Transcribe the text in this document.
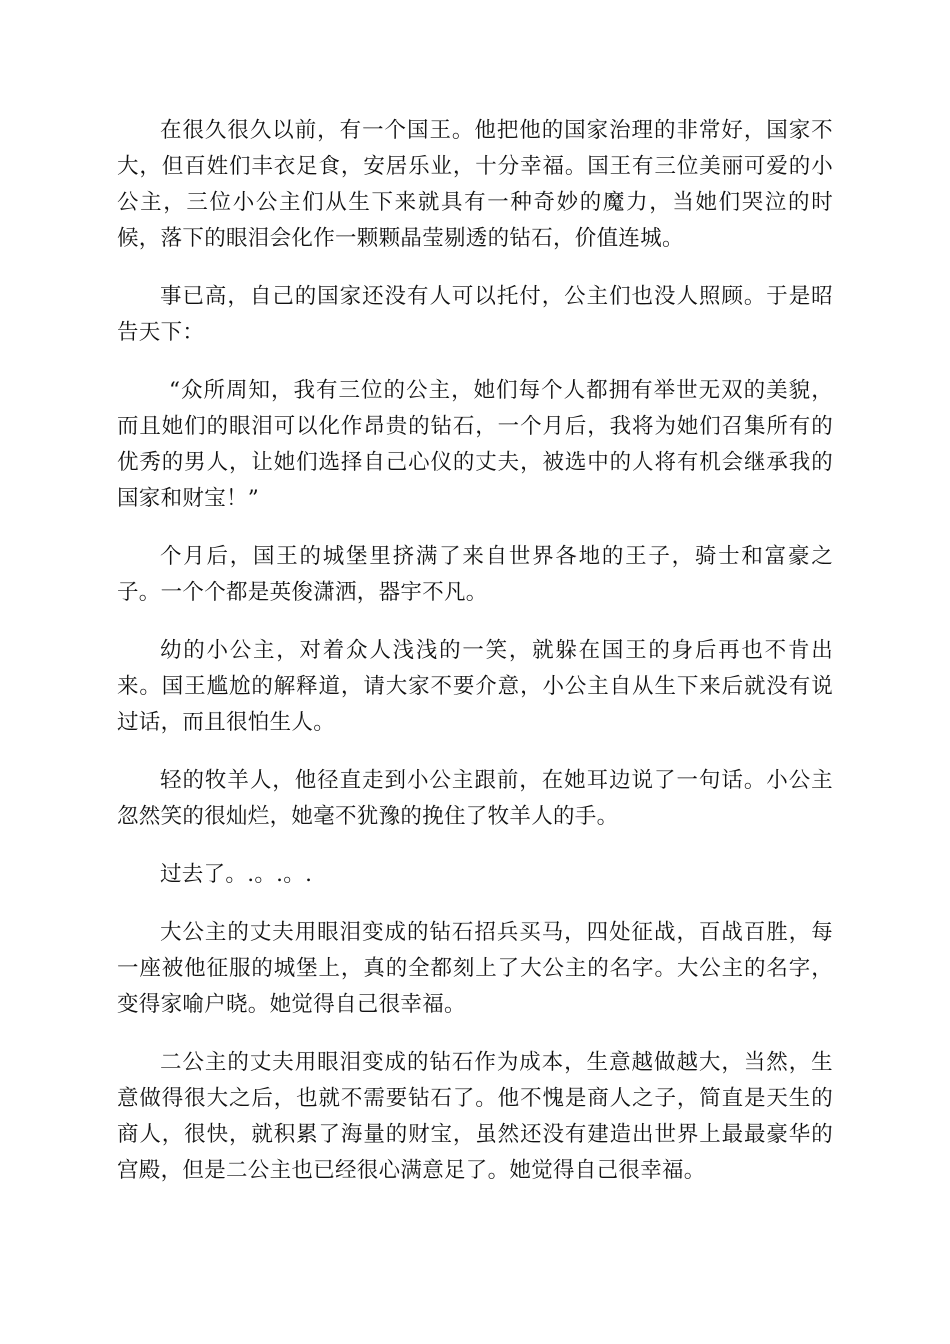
在很久很久以前，有一个国王。他把他的国家治理的非常好，国家不大，但百姓们丰衣足食，安居乐业，十分幸福。国王有三位美丽可爱的小公主，三位小公主们从生下来就具有一种奇妙的魔力，当她们哭泣的时候，落下的眼泪会化作一颗颗晶莹剔透的钻石，价值连城。

事已高，自己的国家还没有人可以托付，公主们也没人照顾。于是昭告天下：

“众所周知，我有三位的公主，她们每个人都拥有举世无双的美貌，而且她们的眼泪可以化作昂贵的钻石，一个月后，我将为她们召集所有的优秀的男人，让她们选择自己心仪的丈夫，被选中的人将有机会继承我的国家和财宝！”

个月后，国王的城堡里挤满了来自世界各地的王子，骑士和富豪之子。一个个都是英俊潇洒，器宇不凡。

幼的小公主，对着众人浅浅的一笑，就躲在国王的身后再也不肯出来。国王尴尬的解释道，请大家不要介意，小公主自从生下来后就没有说过话，而且很怕生人。

轻的牧羊人，他径直走到小公主跟前，在她耳边说了一句话。小公主忽然笑的很灿烂，她毫不犹豫的挽住了牧羊人的手。

过去了。.。.。.

大公主的丈夫用眼泪变成的钻石招兵买马，四处征战，百战百胜，每一座被他征服的城堡上，真的全都刻上了大公主的名字。大公主的名字，变得家喻户晓。她觉得自己很幸福。

二公主的丈夫用眼泪变成的钻石作为成本，生意越做越大，当然，生意做得很大之后，也就不需要钻石了。他不愧是商人之子，简直是天生的商人，很快，就积累了海量的财宝，虽然还没有建造出世界上最最豪华的宫殿，但是二公主也已经很心满意足了。她觉得自己很幸福。
